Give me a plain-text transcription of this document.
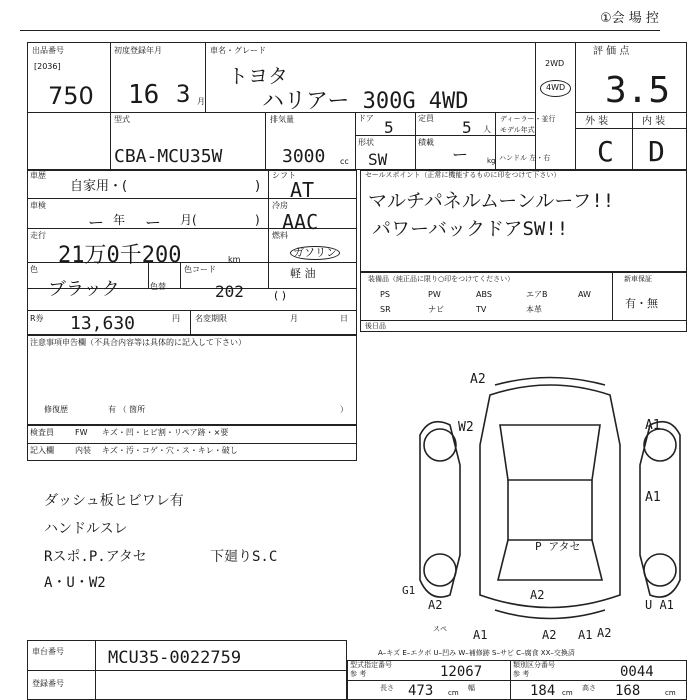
①会 場 控
出品番号
[2036]
750
初度登録年月
16 3 月
車名・グレード
トヨタ
ハリアー 300G 4WD
2WD
4WD
評 価 点
3.5
外 装	内 装
C D
型式
CBA-MCU35W
排気量
3000 cc
ドア 5	定員 5 人
ディーラー・並行
モデル年式
形状
SW
積載
ー	kg ハンドル 左・右
車歴
自家用・(	)
シフト
AT
車検
ー 年 ー 月(	)
冷房
AAC
走行
21万0千200	km
燃料
ガソリン
軽 油
( )
色
ブラック	色替
色コード
202
R券 13,630	円 名変期限	月	日
注意事項申告欄（不具合内容等は具体的に記入して下さい）
修復歴	有 （ 箇所	）
セールスポイント（正常に機能するものに印をつけて下さい）
マルチパネルムーンルーフ!!
パワーバックドアSW!!
装備品（純正品に限り○印をつけてください）	新車保証
有・無
PS	PW	ABS	エアB	AW
SR	ナビ	TV	本革
後日品
検査員	FW キズ・凹・ヒビ割・リペア跡・×要
記入欄	内装 キズ・汚・コゲ・穴・ス・キレ・破し
ダッシュ板ヒビワレ有
ハンドルスレ
Rスポ.P.アタセ
A・U・W2
下廻りS.C
A2
W2	A1
A1
P アタセ
G1
A2
A2
A1	A1
A2	A2
U A1
スペ
A–キズ E–エクボ U–凹み W–補修跡 S–サビ C–腐食 XX–交換済
車台番号	MCU35-0022759
登録番号
型式指定番号
参 考	12067	類別区分番号
参 考	0044
長さ 473 cm
幅	184 cm
高さ 168	cm
